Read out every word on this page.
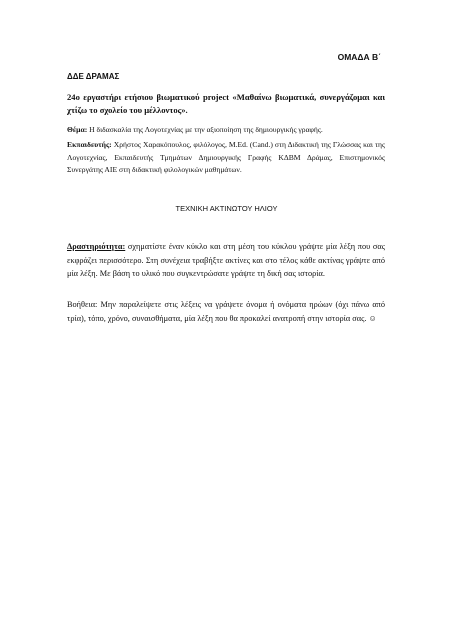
ΟΜΑΔΑ Β΄
ΔΔΕ ΔΡΑΜΑΣ
24ο εργαστήρι ετήσιου βιωματικού project «Μαθαίνω βιωματικά, συνεργάζομαι και χτίζω το σχολείο του μέλλοντος».
Θέμα: Η διδασκαλία της Λογοτεχνίας με την αξιοποίηση της δημιουργικής γραφής.
Εκπαιδευτής: Χρήστος Χαρακόπουλος, φιλόλογος, M.Ed. (Cand.) στη Διδακτική της Γλώσσας και της Λογοτεχνίας, Εκπαιδευτής Τμημάτων Δημιουργικής Γραφής ΚΔΒΜ Δράμας, Επιστημονικός Συνεργάτης ΑΙΕ στη διδακτική φιλολογικών μαθημάτων.
ΤΕΧΝΙΚΗ ΑΚΤΙΝΩΤΟΥ ΗΛΙΟΥ
Δραστηριότητα: σχηματίστε έναν κύκλο και στη μέση του κύκλου γράψτε μία λέξη που σας εκφράζει περισσότερο. Στη συνέχεια τραβήξτε ακτίνες και στο τέλος κάθε ακτίνας γράψτε από μία λέξη. Με βάση το υλικό που συγκεντρώσατε γράψτε τη δική σας ιστορία.
Βοήθεια: Μην παραλείψετε στις λέξεις να γράψετε όνομα ή ονόματα ηρώων (όχι πάνω από τρία), τόπο, χρόνο, συναισθήματα, μία λέξη που θα προκαλεί ανατροπή στην ιστορία σας. ☺
